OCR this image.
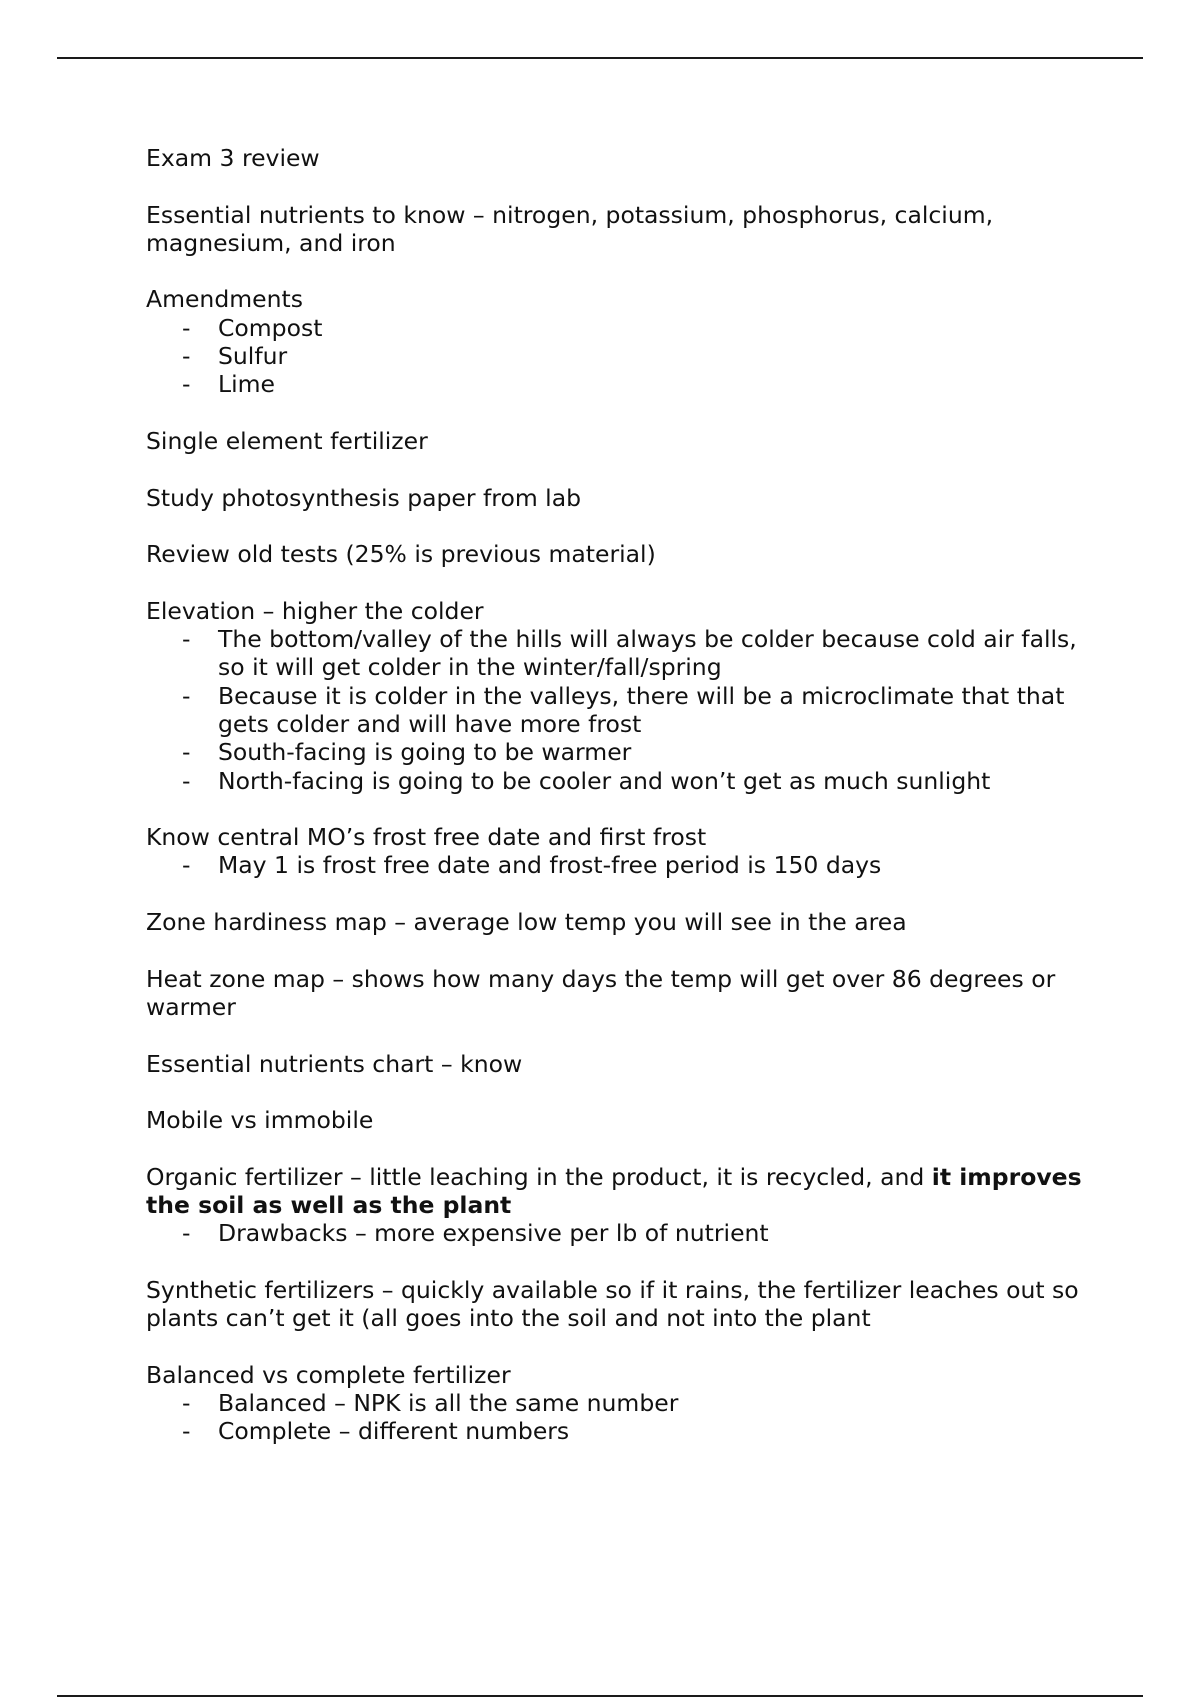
Exam 3 review

Essential nutrients to know – nitrogen, potassium, phosphorus, calcium, magnesium, and iron

Amendments

- Compost
- Sulfur
- Lime

Single element fertilizer

Study photosynthesis paper from lab

Review old tests (25% is previous material)

Elevation – higher the colder

- The bottom/valley of the hills will always be colder because cold air falls, so it will get colder in the winter/fall/spring
- Because it is colder in the valleys, there will be a microclimate that that gets colder and will have more frost
- South-facing is going to be warmer
- North-facing is going to be cooler and won’t get as much sunlight

Know central MO’s frost free date and first frost

- May 1 is frost free date and frost-free period is 150 days

Zone hardiness map – average low temp you will see in the area

Heat zone map – shows how many days the temp will get over 86 degrees or warmer

Essential nutrients chart – know

Mobile vs immobile

Organic fertilizer – little leaching in the product, it is recycled, and it improves the soil as well as the plant

- Drawbacks – more expensive per lb of nutrient

Synthetic fertilizers – quickly available so if it rains, the fertilizer leaches out so plants can’t get it (all goes into the soil and not into the plant

Balanced vs complete fertilizer

- Balanced – NPK is all the same number
- Complete – different numbers
